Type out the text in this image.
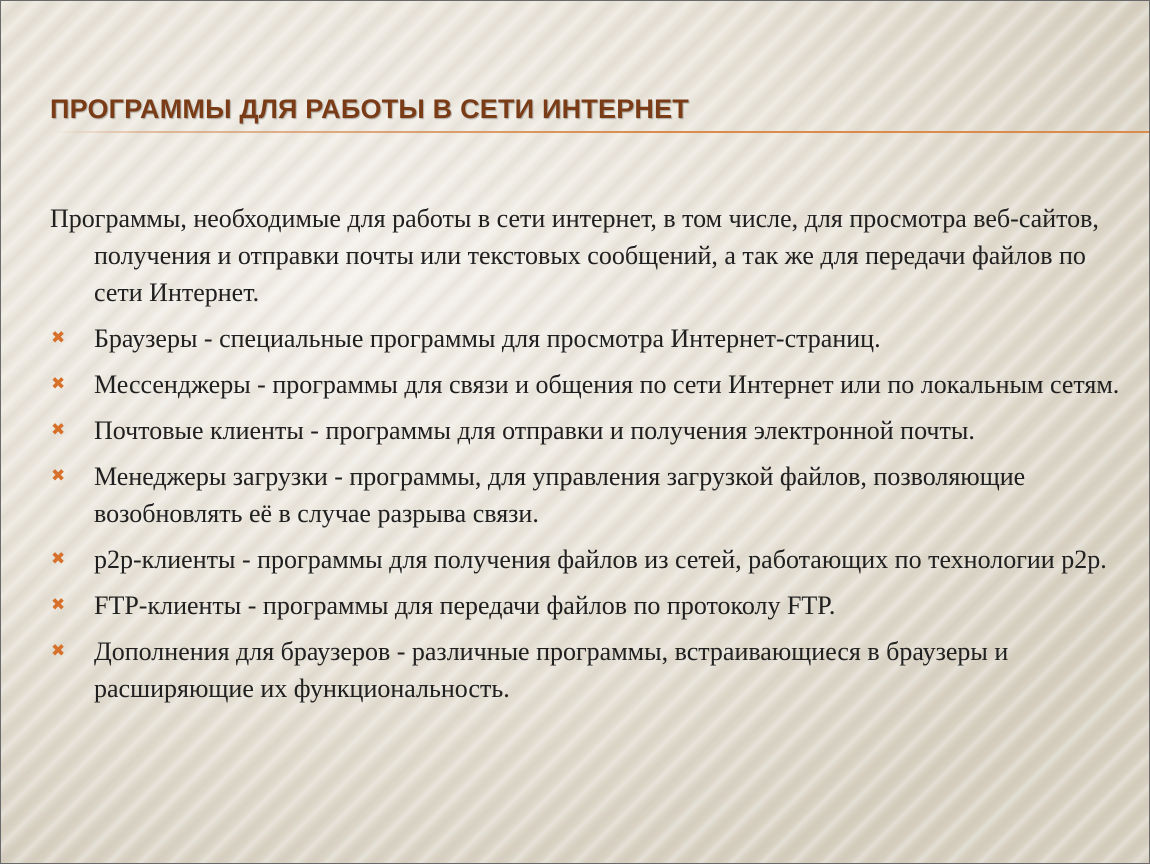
ПРОГРАММЫ ДЛЯ РАБОТЫ В СЕТИ ИНТЕРНЕТ

Программы, необходимые для работы в сети интернет, в том числе, для просмотра веб-сайтов, получения и отправки почты или текстовых сообщений, а так же для передачи файлов по сети Интернет.

✖ Браузеры - специальные программы для просмотра Интернет-страниц.
✖ Мессенджеры - программы для связи и общения по сети Интернет или по локальным сетям.
✖ Почтовые клиенты - программы для отправки и получения электронной почты.
✖ Менеджеры загрузки - программы, для управления загрузкой файлов, позволяющие возобновлять её в случае разрыва связи.
✖ p2p-клиенты - программы для получения файлов из сетей, работающих по технологии p2p.
✖ FTP-клиенты - программы для передачи файлов по протоколу FTP.
✖ Дополнения для браузеров - различные программы, встраивающиеся в браузеры и расширяющие их функциональность.
